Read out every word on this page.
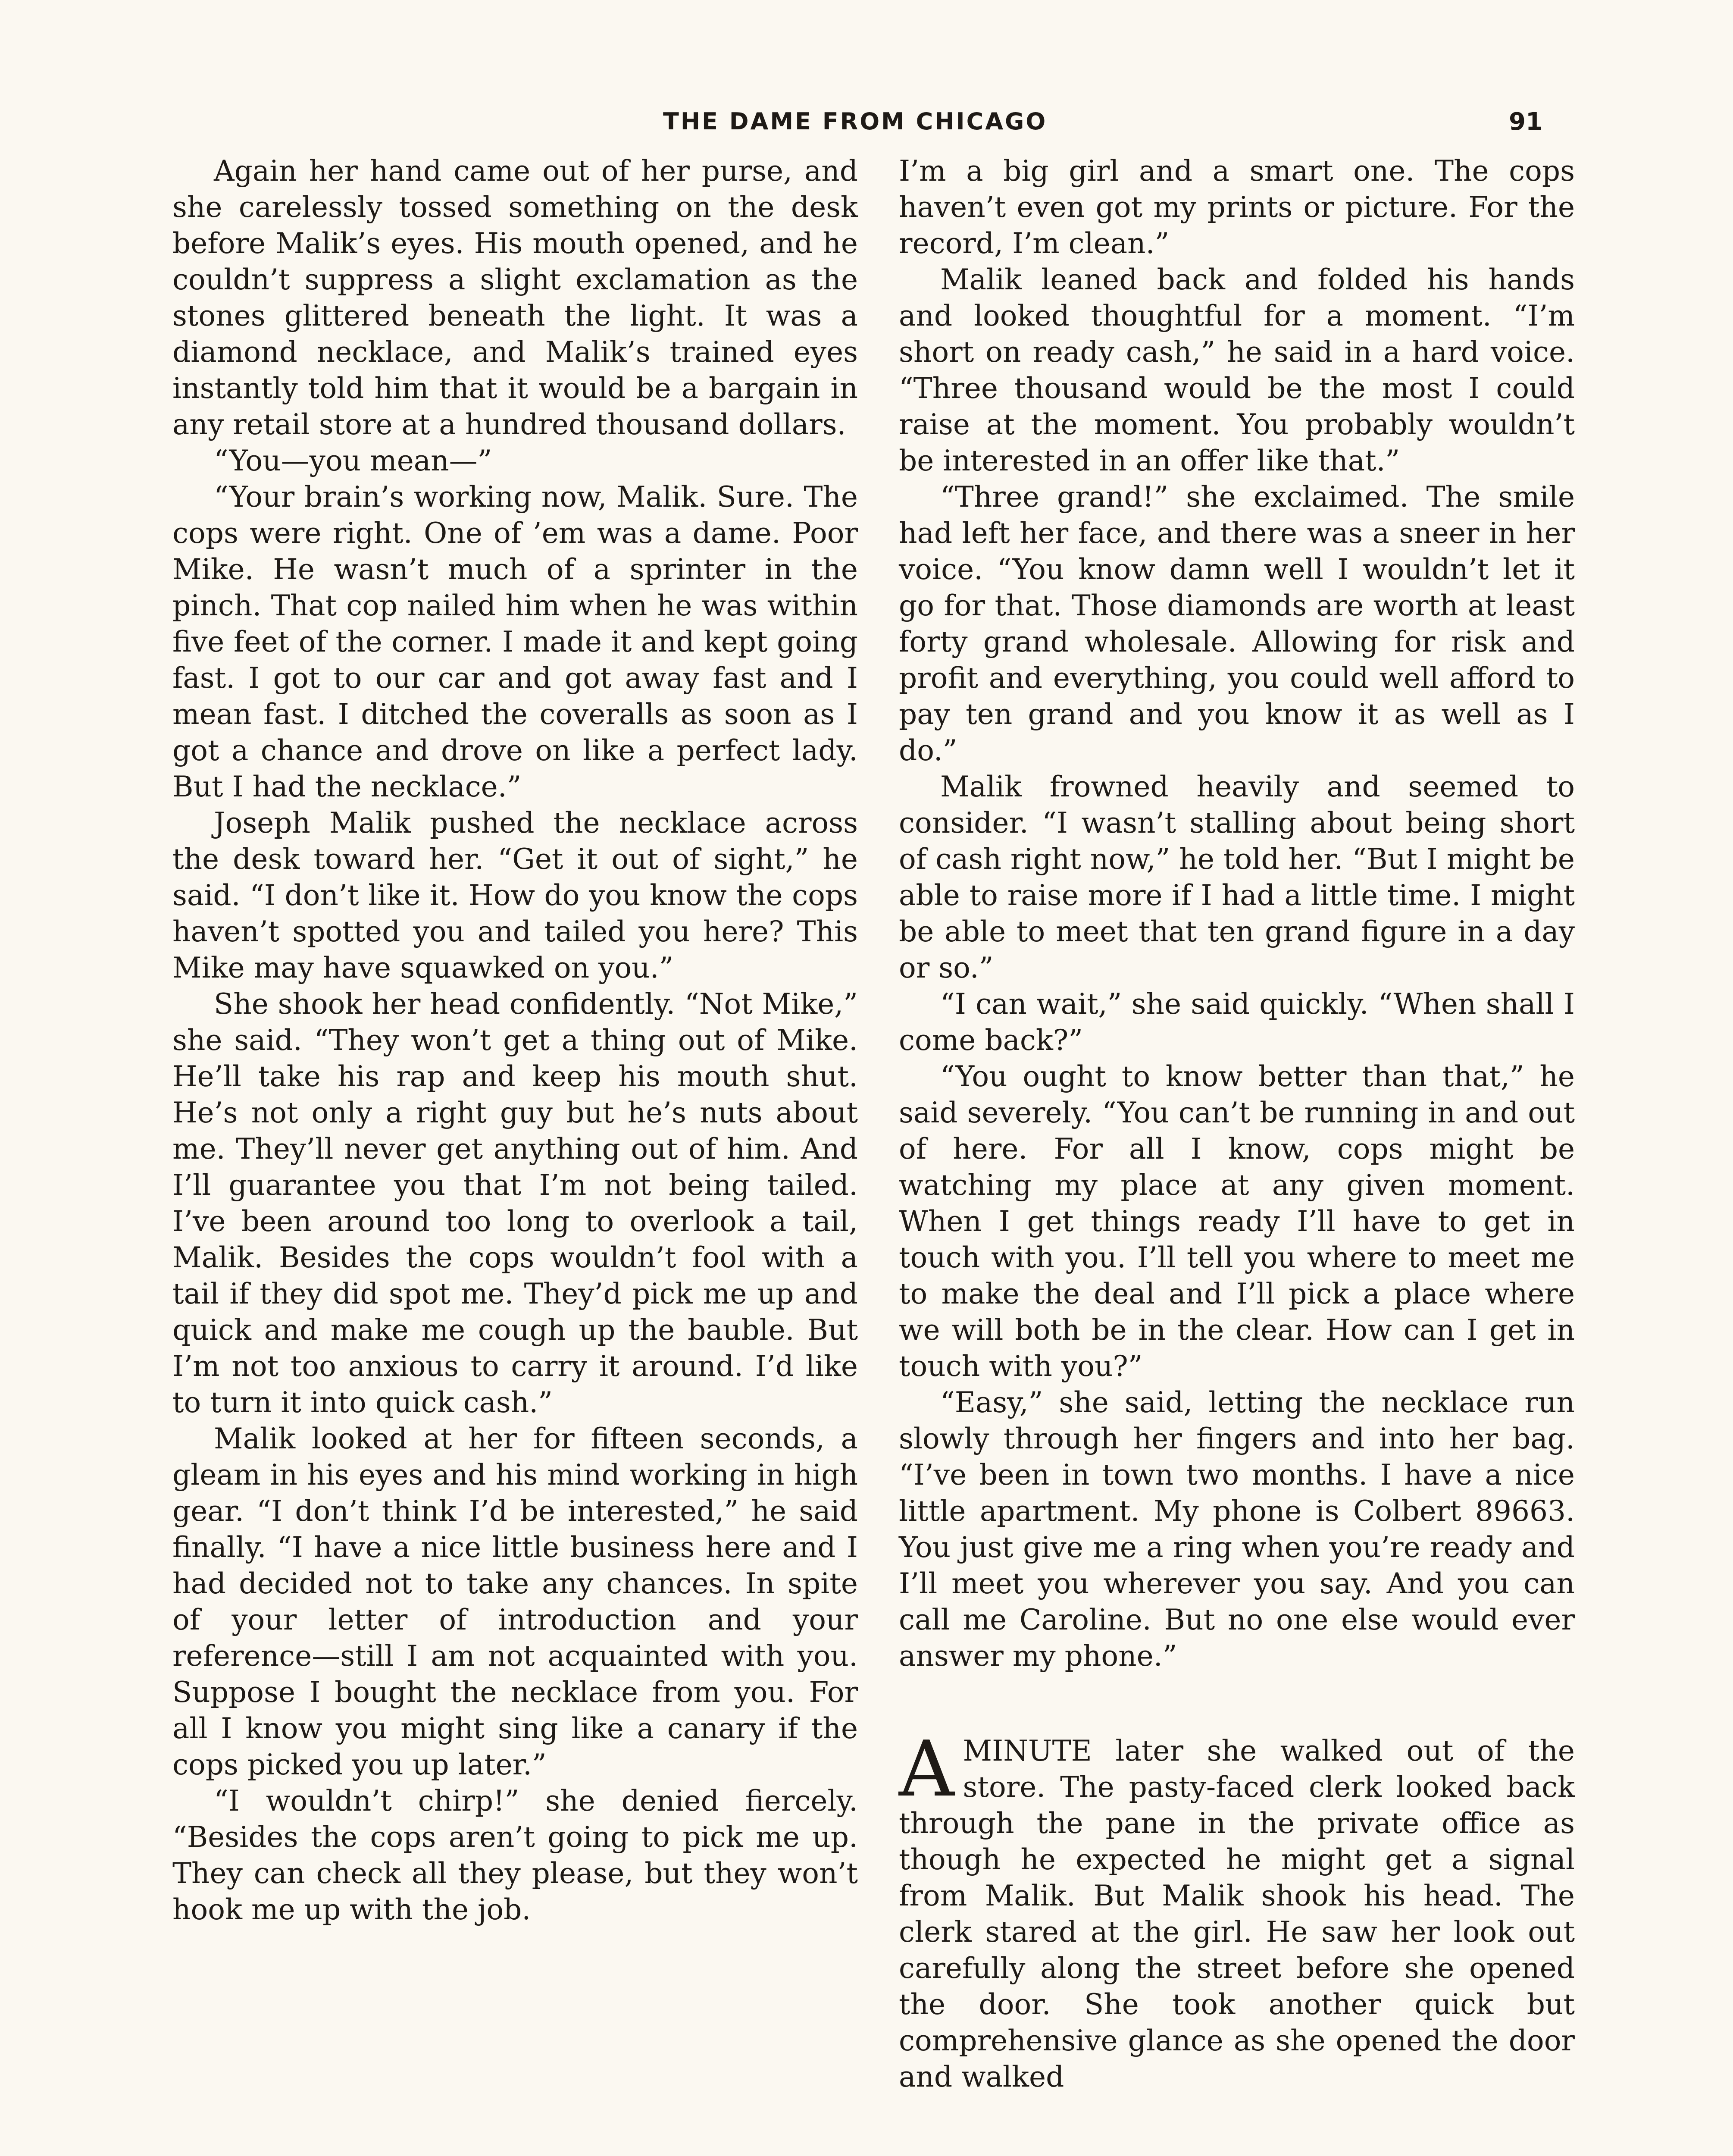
THE DAME FROM CHICAGO	91

Again her hand came out of her purse, and she carelessly tossed something on the desk before Malik’s eyes. His mouth opened, and he couldn’t suppress a slight exclamation as the stones glittered beneath the light. It was a diamond necklace, and Malik’s trained eyes instantly told him that it would be a bargain in any retail store at a hundred thousand dollars.

“You—you mean—”

“Your brain’s working now, Malik. Sure. The cops were right. One of ’em was a dame. Poor Mike. He wasn’t much of a sprinter in the pinch. That cop nailed him when he was within five feet of the corner. I made it and kept going fast. I got to our car and got away fast and I mean fast. I ditched the coveralls as soon as I got a chance and drove on like a perfect lady. But I had the necklace.”

Joseph Malik pushed the necklace across the desk toward her. “Get it out of sight,” he said. “I don’t like it. How do you know the cops haven’t spotted you and tailed you here? This Mike may have squawked on you.”

She shook her head confidently. “Not Mike,” she said. “They won’t get a thing out of Mike. He’ll take his rap and keep his mouth shut. He’s not only a right guy but he’s nuts about me. They’ll never get anything out of him. And I’ll guarantee you that I’m not being tailed. I’ve been around too long to overlook a tail, Malik. Besides the cops wouldn’t fool with a tail if they did spot me. They’d pick me up and quick and make me cough up the bauble. But I’m not too anxious to carry it around. I’d like to turn it into quick cash.”

Malik looked at her for fifteen seconds, a gleam in his eyes and his mind working in high gear. “I don’t think I’d be interested,” he said finally. “I have a nice little business here and I had decided not to take any chances. In spite of your letter of introduction and your reference—still I am not acquainted with you. Suppose I bought the necklace from you. For all I know you might sing like a canary if the cops picked you up later.”

“I wouldn’t chirp!” she denied fiercely. “Besides the cops aren’t going to pick me up. They can check all they please, but they won’t hook me up with the job.

I’m a big girl and a smart one. The cops haven’t even got my prints or picture. For the record, I’m clean.”

Malik leaned back and folded his hands and looked thoughtful for a moment. “I’m short on ready cash,” he said in a hard voice. “Three thousand would be the most I could raise at the moment. You probably wouldn’t be interested in an offer like that.”

“Three grand!” she exclaimed. The smile had left her face, and there was a sneer in her voice. “You know damn well I wouldn’t let it go for that. Those diamonds are worth at least forty grand wholesale. Allowing for risk and profit and everything, you could well afford to pay ten grand and you know it as well as I do.”

Malik frowned heavily and seemed to consider. “I wasn’t stalling about being short of cash right now,” he told her. “But I might be able to raise more if I had a little time. I might be able to meet that ten grand figure in a day or so.”

“I can wait,” she said quickly. “When shall I come back?”

“You ought to know better than that,” he said severely. “You can’t be running in and out of here. For all I know, cops might be watching my place at any given moment. When I get things ready I’ll have to get in touch with you. I’ll tell you where to meet me to make the deal and I’ll pick a place where we will both be in the clear. How can I get in touch with you?”

“Easy,” she said, letting the necklace run slowly through her fingers and into her bag. “I’ve been in town two months. I have a nice little apartment. My phone is Colbert 89663. You just give me a ring when you’re ready and I’ll meet you wherever you say. And you can call me Caroline. But no one else would ever answer my phone.”

AMINUTE later she walked out of the store. The pasty-faced clerk looked back through the pane in the private office as though he expected he might get a signal from Malik. But Malik shook his head. The clerk stared at the girl. He saw her look out carefully along the street before she opened the door. She took another quick but comprehensive glance as she opened the door and walked
